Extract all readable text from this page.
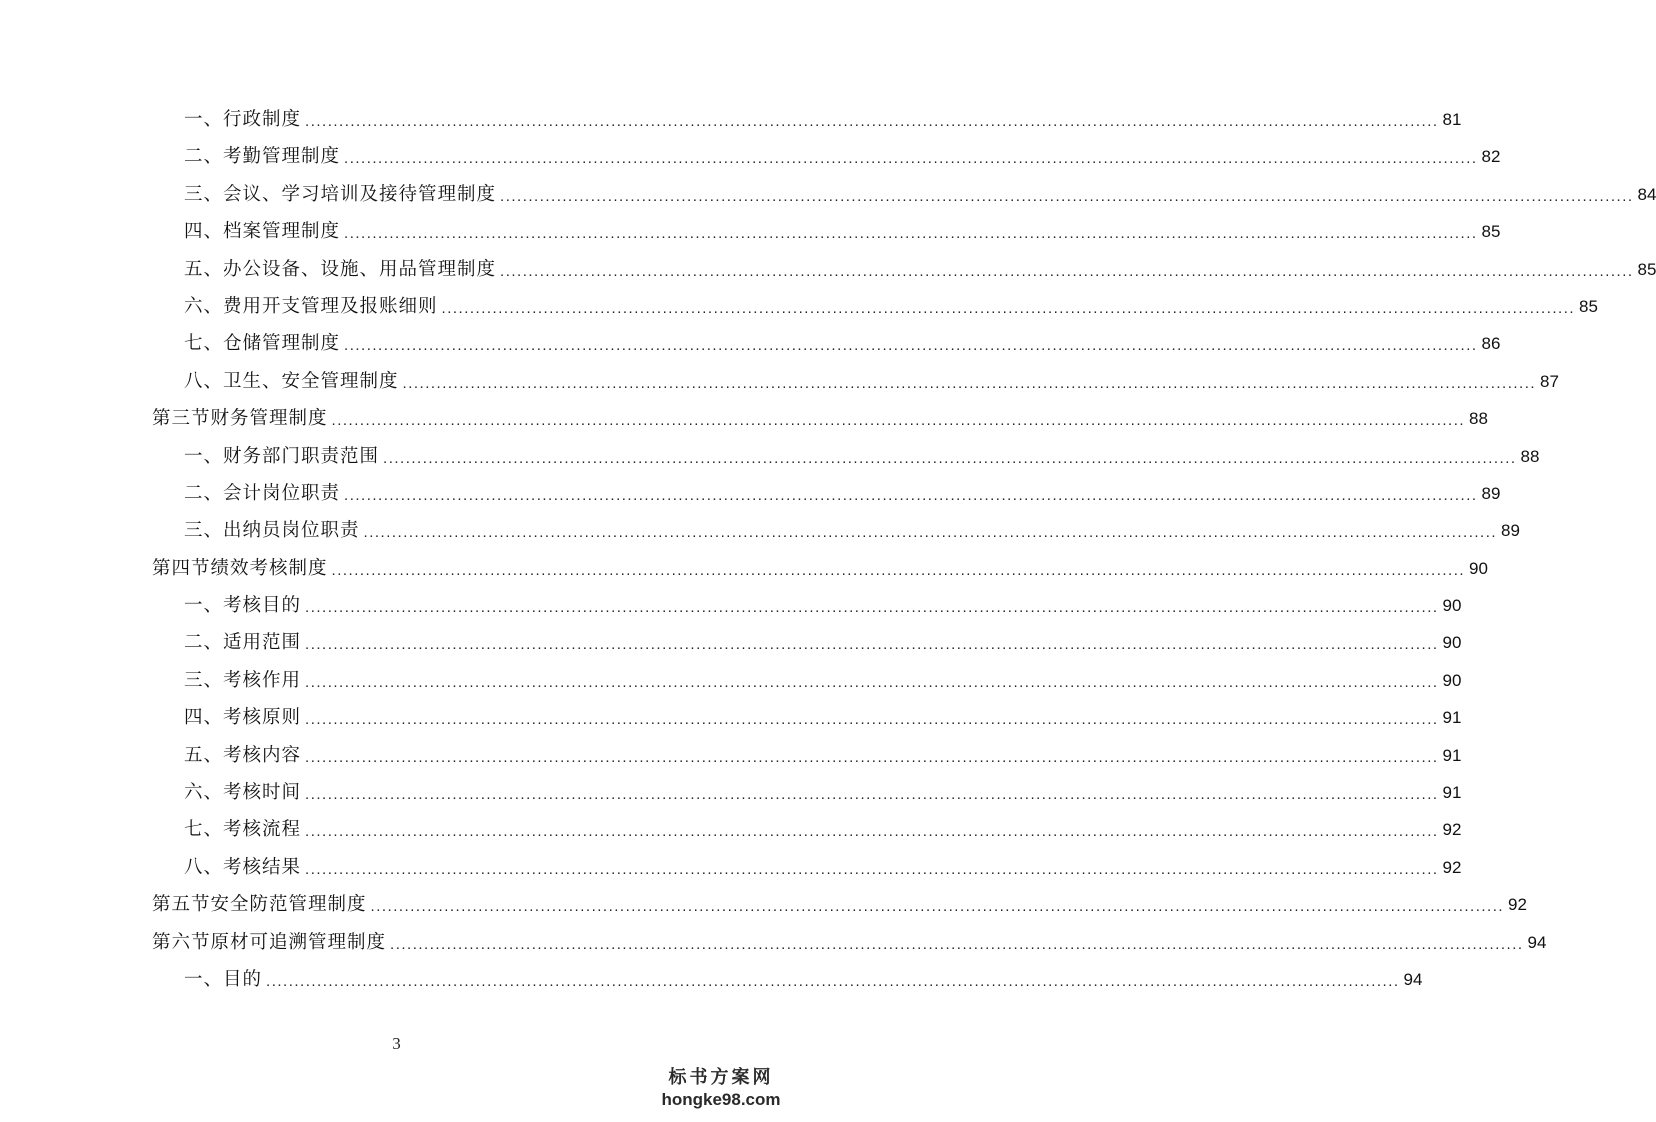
一、 行政制度 ........................................................................................................................................................................................................ 81
二、 考勤管理制度 ........................................................................................................................................................................................................ 82
三、 会议、学习培训及接待管理制度 ........................................................................................................................................................................................................ 84
四、 档案管理制度 ........................................................................................................................................................................................................ 85
五、 办公设备、设施、用品管理制度 ........................................................................................................................................................................................................ 85
六、 费用开支管理及报账细则 ........................................................................................................................................................................................................ 85
七、 仓储管理制度 ........................................................................................................................................................................................................ 86
八、 卫生、安全管理制度 ........................................................................................................................................................................................................ 87
第三节 财务管理制度 ........................................................................................................................................................................................................ 88
一、 财务部门职责范围 ........................................................................................................................................................................................................ 88
二、 会计岗位职责 ........................................................................................................................................................................................................ 89
三、 出纳员岗位职责 ........................................................................................................................................................................................................ 89
第四节 绩效考核制度 ........................................................................................................................................................................................................ 90
一、 考核目的 ........................................................................................................................................................................................................ 90
二、 适用范围 ........................................................................................................................................................................................................ 90
三、 考核作用 ........................................................................................................................................................................................................ 90
四、 考核原则 ........................................................................................................................................................................................................ 91
五、 考核内容 ........................................................................................................................................................................................................ 91
六、 考核时间 ........................................................................................................................................................................................................ 91
七、 考核流程 ........................................................................................................................................................................................................ 92
八、 考核结果 ........................................................................................................................................................................................................ 92
第五节 安全防范管理制度 ........................................................................................................................................................................................................ 92
第六节 原材可追溯管理制度 ........................................................................................................................................................................................................ 94
一、 目的 ........................................................................................................................................................................................................ 94
3
标书方案网
hongke98.com
